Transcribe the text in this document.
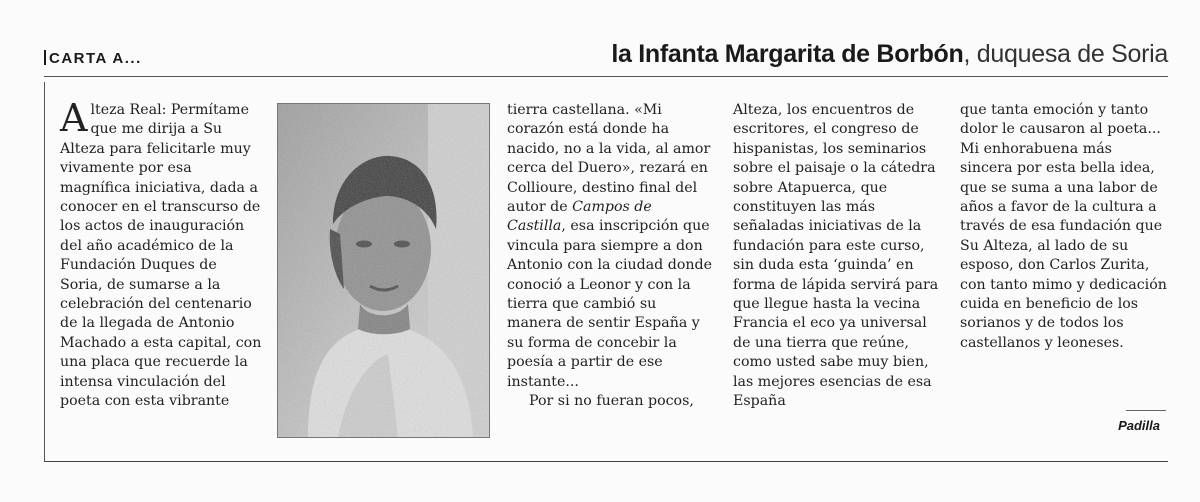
CARTA A...	la Infanta Margarita de Borbón, duquesa de Soria

Alteza Real: Permítame que me dirija a Su Alteza para felicitarle muy vivamente por esa magnífica iniciativa, dada a conocer en el transcurso de los actos de inauguración del año académico de la Fundación Duques de Soria, de sumarse a la celebración del centenario de la llegada de Antonio Machado a esta capital, con una placa que recuerde la intensa vinculación del poeta con esta vibrante

tierra castellana. «Mi corazón está donde ha nacido, no a la vida, al amor cerca del Duero», rezará en Collioure, destino final del autor de Campos de Castilla, esa inscripción que vincula para siempre a don Antonio con la ciudad donde conoció a Leonor y con la tierra que cambió su manera de sentir España y su forma de concebir la poesía a partir de ese instante...

Por si no fueran pocos,

Alteza, los encuentros de escritores, el congreso de hispanistas, los seminarios sobre el paisaje o la cátedra sobre Atapuerca, que constituyen las más señaladas iniciativas de la fundación para este curso, sin duda esta ‘guinda’ en forma de lápida servirá para que llegue hasta la vecina Francia el eco ya universal de una tierra que reúne, como usted sabe muy bien, las mejores esencias de esa España

que tanta emoción y tanto dolor le causaron al poeta... Mi enhorabuena más sincera por esta bella idea, que se suma a una labor de años a favor de la cultura a través de esa fundación que Su Alteza, al lado de su esposo, don Carlos Zurita, con tanto mimo y dedicación cuida en beneficio de los sorianos y de todos los castellanos y leoneses.

Padilla
